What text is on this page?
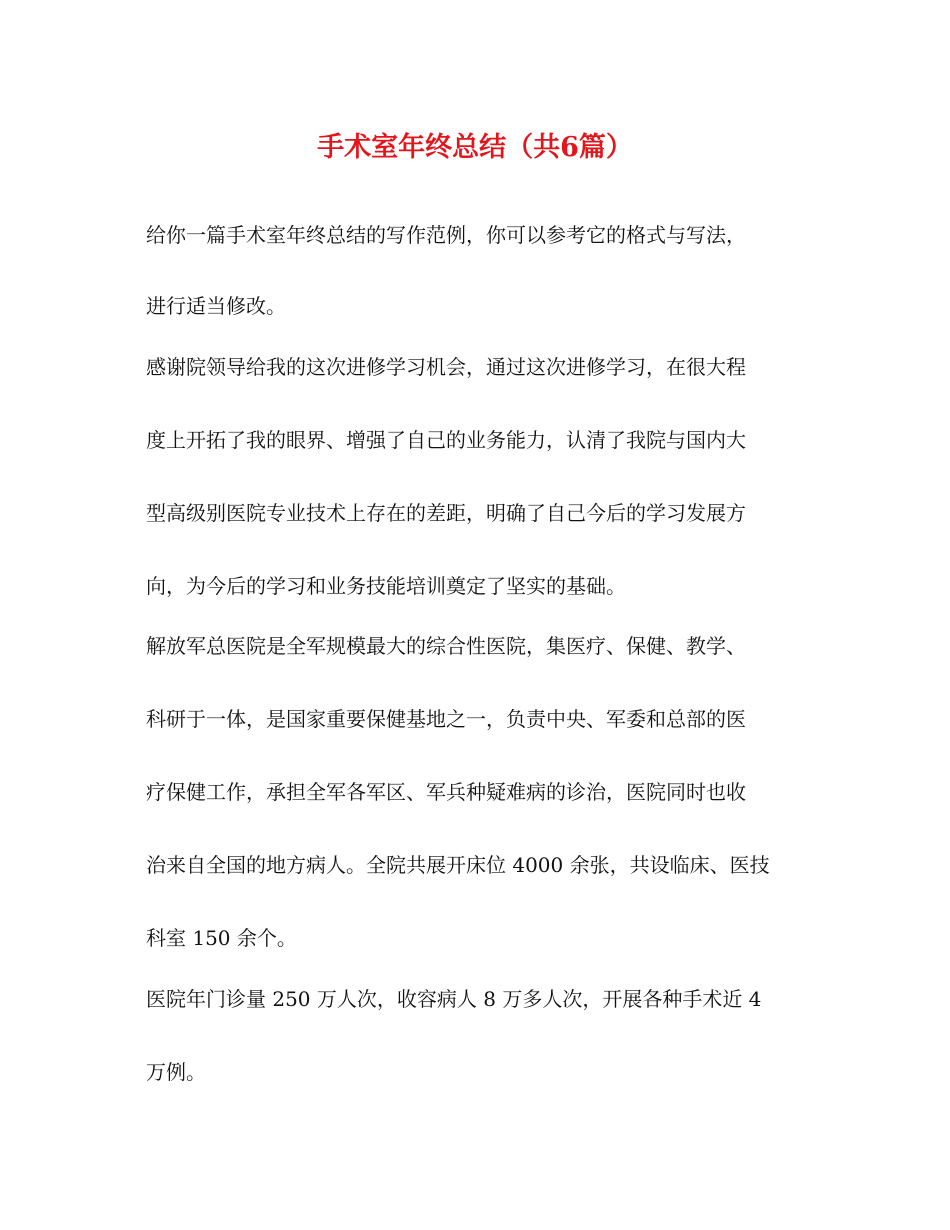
手术室年终总结（共6篇）

给你一篇手术室年终总结的写作范例，你可以参考它的格式与写法，

进行适当修改。

感谢院领导给我的这次进修学习机会，通过这次进修学习，在很大程

度上开拓了我的眼界、增强了自己的业务能力，认清了我院与国内大

型高级别医院专业技术上存在的差距，明确了自己今后的学习发展方

向，为今后的学习和业务技能培训奠定了坚实的基础。

解放军总医院是全军规模最大的综合性医院，集医疗、保健、教学、

科研于一体，是国家重要保健基地之一，负责中央、军委和总部的医

疗保健工作，承担全军各军区、军兵种疑难病的诊治，医院同时也收

治来自全国的地方病人。全院共展开床位 4000 余张，共设临床、医技

科室 150 余个。

医院年门诊量 250 万人次，收容病人 8 万多人次，开展各种手术近 4

万例。
